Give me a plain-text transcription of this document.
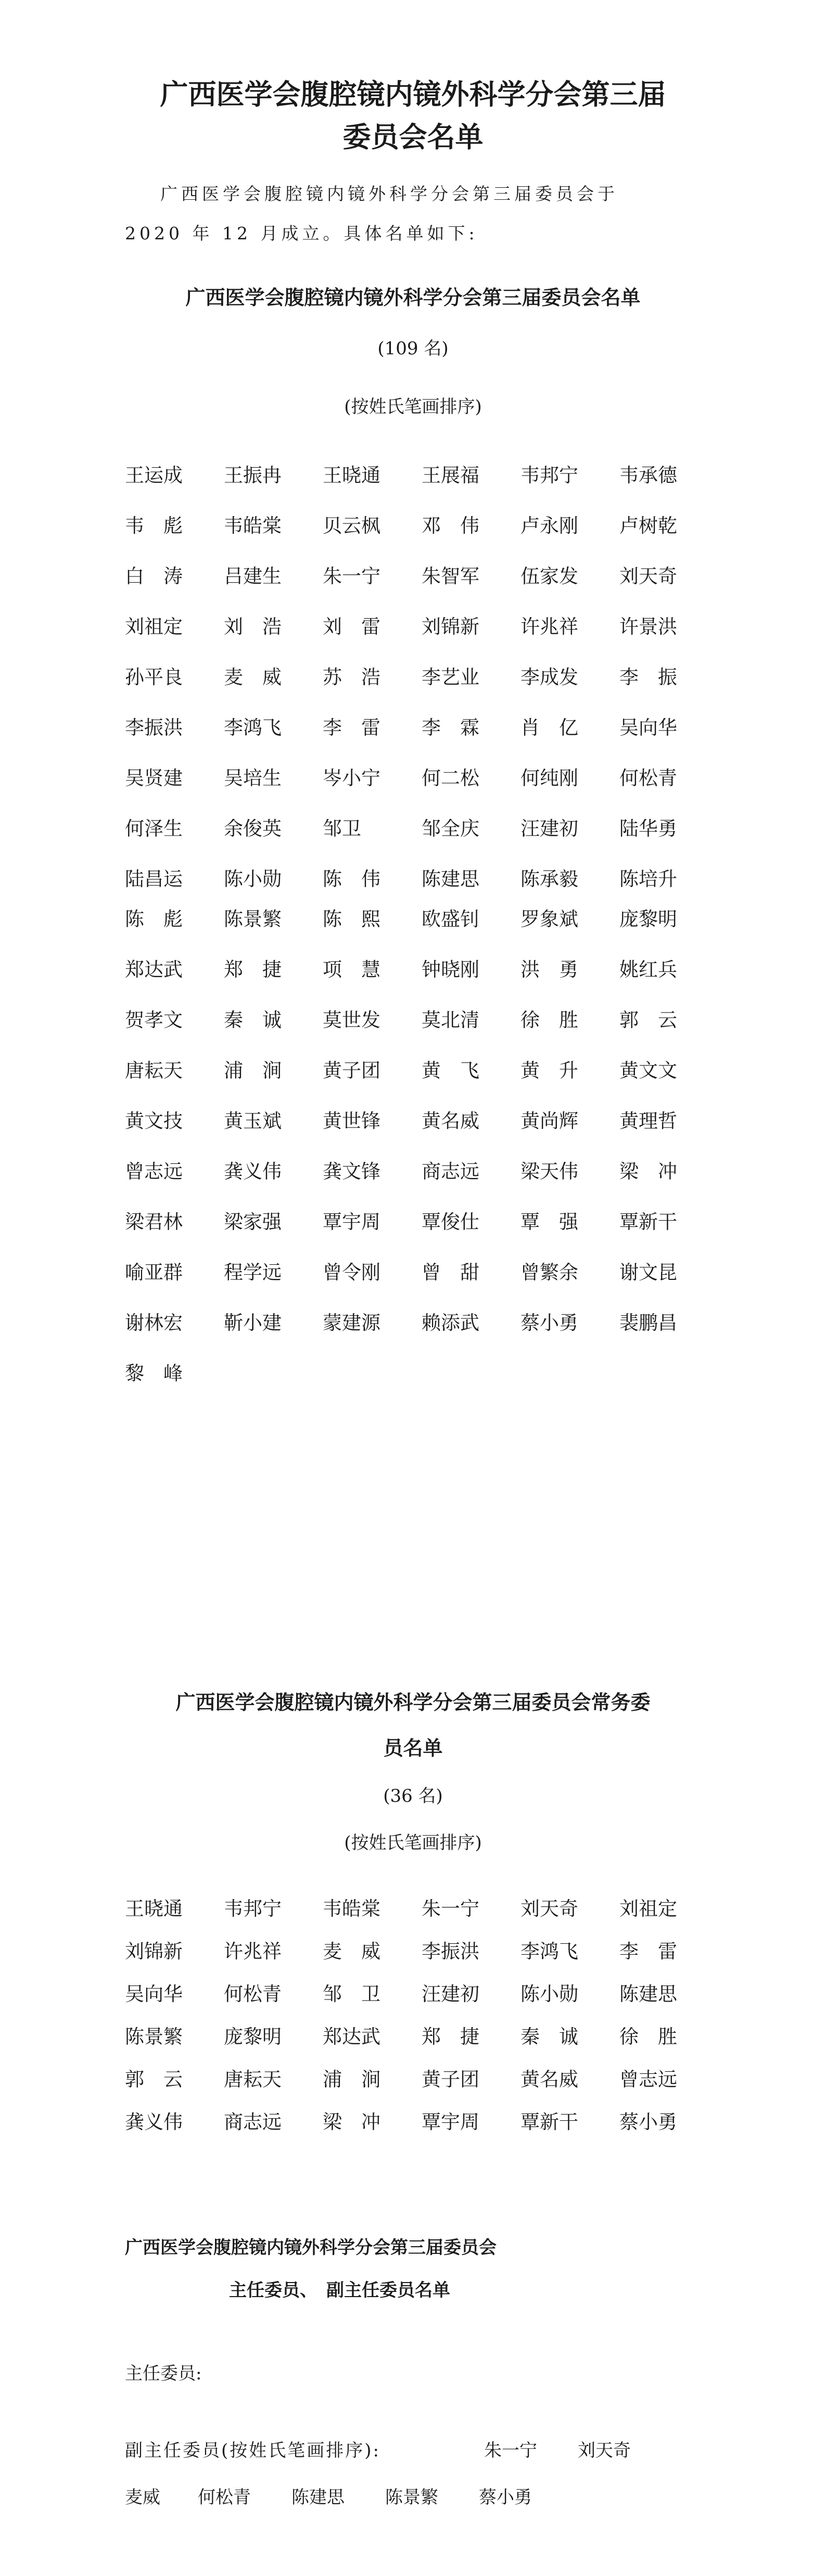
广西医学会腹腔镜内镜外科学分会第三届
委员会名单
广西医学会腹腔镜内镜外科学分会第三届委员会于
2020 年 12 月成立。具体名单如下:
广西医学会腹腔镜内镜外科学分会第三届委员会名单
(109 名)
(按姓氏笔画排序)
王运成	王振冉	王晓通	王展福	韦邦宁	韦承德
韦　彪	韦皓棠	贝云枫	邓　伟	卢永刚	卢树乾
白　涛	吕建生	朱一宁	朱智军	伍家发	刘天奇
刘祖定	刘　浩	刘　雷	刘锦新	许兆祥	许景洪
孙平良	麦　威	苏　浩	李艺业	李成发	李　振
李振洪	李鸿飞	李　雷	李　霖	肖　亿	吴向华
吴贤建	吴培生	岑小宁	何二松	何纯刚	何松青
何泽生	余俊英	邹卫	邹全庆	汪建初	陆华勇
陆昌运	陈小勋	陈　伟	陈建思	陈承毅	陈培升
陈　彪	陈景繁	陈　熙	欧盛钊	罗象斌	庞黎明
郑达武	郑　捷	项　慧	钟晓刚	洪　勇	姚红兵
贺孝文	秦　诚	莫世发	莫北清	徐　胜	郭　云
唐耘天	浦　涧	黄子团	黄　飞	黄　升	黄文文
黄文技	黄玉斌	黄世锋	黄名威	黄尚辉	黄理哲
曾志远	龚义伟	龚文锋	商志远	梁天伟	梁　冲
梁君林	梁家强	覃宇周	覃俊仕	覃　强	覃新干
喻亚群	程学远	曾令刚	曾　甜	曾繁余	谢文昆
谢林宏	靳小建	蒙建源	赖添武	蔡小勇	裴鹏昌
黎　峰
广西医学会腹腔镜内镜外科学分会第三届委员会常务委
员名单
(36 名)
(按姓氏笔画排序)
王晓通	韦邦宁	韦皓棠	朱一宁	刘天奇	刘祖定
刘锦新	许兆祥	麦　威	李振洪	李鸿飞	李　雷
吴向华	何松青	邹　卫	汪建初	陈小勋	陈建思
陈景繁	庞黎明	郑达武	郑　捷	秦　诚	徐　胜
郭　云	唐耘天	浦　涧	黄子团	黄名威	曾志远
龚义伟	商志远	梁　冲	覃宇周	覃新干	蔡小勇
广西医学会腹腔镜内镜外科学分会第三届委员会
主任委员、　副主任委员名单
主任委员:
副主任委员(按姓氏笔画排序):	朱一宁 刘天奇
麦威 何松青 陈建思 陈景繁 蔡小勇
